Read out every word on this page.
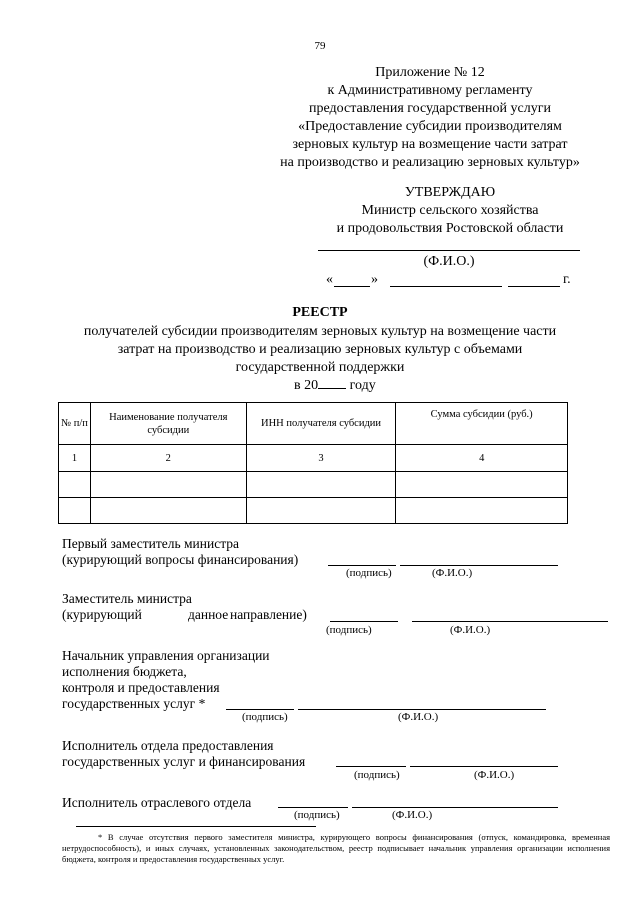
79
Приложение № 12
к Административному регламенту
предоставления государственной услуги
«Предоставление субсидии производителям
зерновых культур на возмещение части затрат
на производство и реализацию зерновых культур»
УТВЕРЖДАЮ
Министр сельского хозяйства
и продовольствия Ростовской области
(Ф.И.О.)
«	»	г.
РЕЕСТР
получателей субсидии производителям зерновых культур на возмещение части
затрат на производство и реализацию зерновых культур с объемами
государственной поддержки
в 20 году
№ п/п	Наименование получателя субсидии	ИНН получателя субсидии	Сумма субсидии (руб.)
1	2	3	4

Первый заместитель министра
(курирующий вопросы финансирования)
(подпись)	(Ф.И.О.)
Заместитель министра
(курирующий	данное направление)
(подпись)	(Ф.И.О.)
Начальник управления организации
исполнения бюджета,
контроля и предоставления
государственных услуг *
(подпись)	(Ф.И.О.)
Исполнитель отдела предоставления
государственных услуг и финансирования
(подпись)	(Ф.И.О.)
Исполнитель отраслевого отдела
(подпись)	(Ф.И.О.)
* В случае отсутствия первого заместителя министра, курирующего вопросы финансирования (отпуск, командировка, временная нетрудоспособность), и иных случаях, установленных законодательством, реестр подписывает начальник управления организации исполнения бюджета, контроля и предоставления государственных услуг.
